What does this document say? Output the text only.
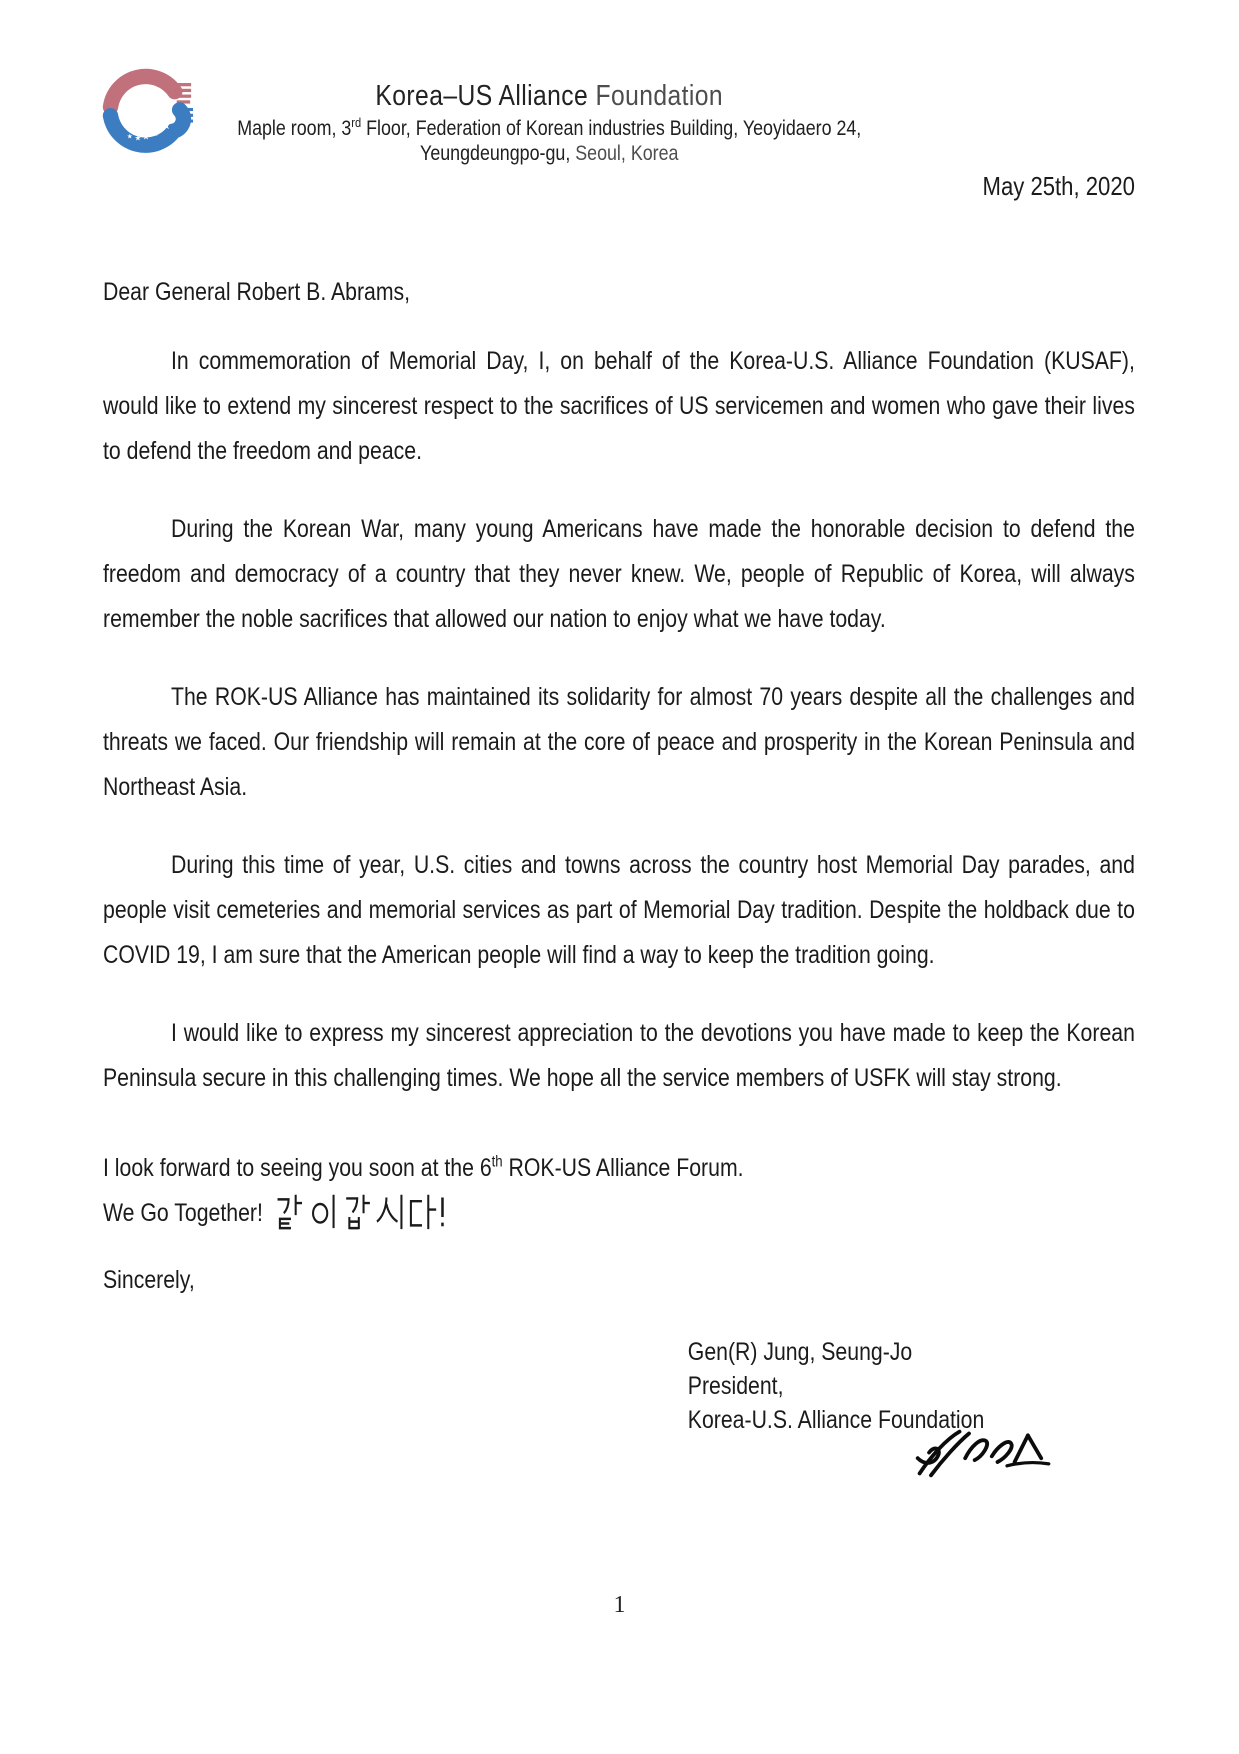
★
★
★
★
★
Korea–US Alliance Foundation
Maple room, 3rd Floor, Federation of Korean industries Building, Yeoyidaero 24,
Yeungdeungpo-gu, Seoul, Korea
May 25th, 2020
Dear General Robert B. Abrams,

In commemoration of Memorial Day, I, on behalf of the Korea-U.S. Alliance Foundation (KUSAF), would like to extend my sincerest respect to the sacrifices of US servicemen and women who gave their lives to defend the freedom and peace.

During the Korean War, many young Americans have made the honorable decision to defend the freedom and democracy of a country that they never knew. We, people of Republic of Korea, will always remember the noble sacrifices that allowed our nation to enjoy what we have today.

The ROK-US Alliance has maintained its solidarity for almost 70 years despite all the challenges and threats we faced. Our friendship will remain at the core of peace and prosperity in the Korean Peninsula and Northeast Asia.

During this time of year, U.S. cities and towns across the country host Memorial Day parades, and people visit cemeteries and memorial services as part of Memorial Day tradition. Despite the holdback due to COVID 19, I am sure that the American people will find a way to keep the tradition going.

I would like to express my sincerest appreciation to the devotions you have made to keep the Korean Peninsula secure in this challenging times. We hope all the service members of USFK will stay strong.

I look forward to seeing you soon at the 6th ROK-US Alliance Forum.
We Go Together!
Sincerely,
Gen(R) Jung, Seung-Jo
President,
Korea-U.S. Alliance Foundation
1
